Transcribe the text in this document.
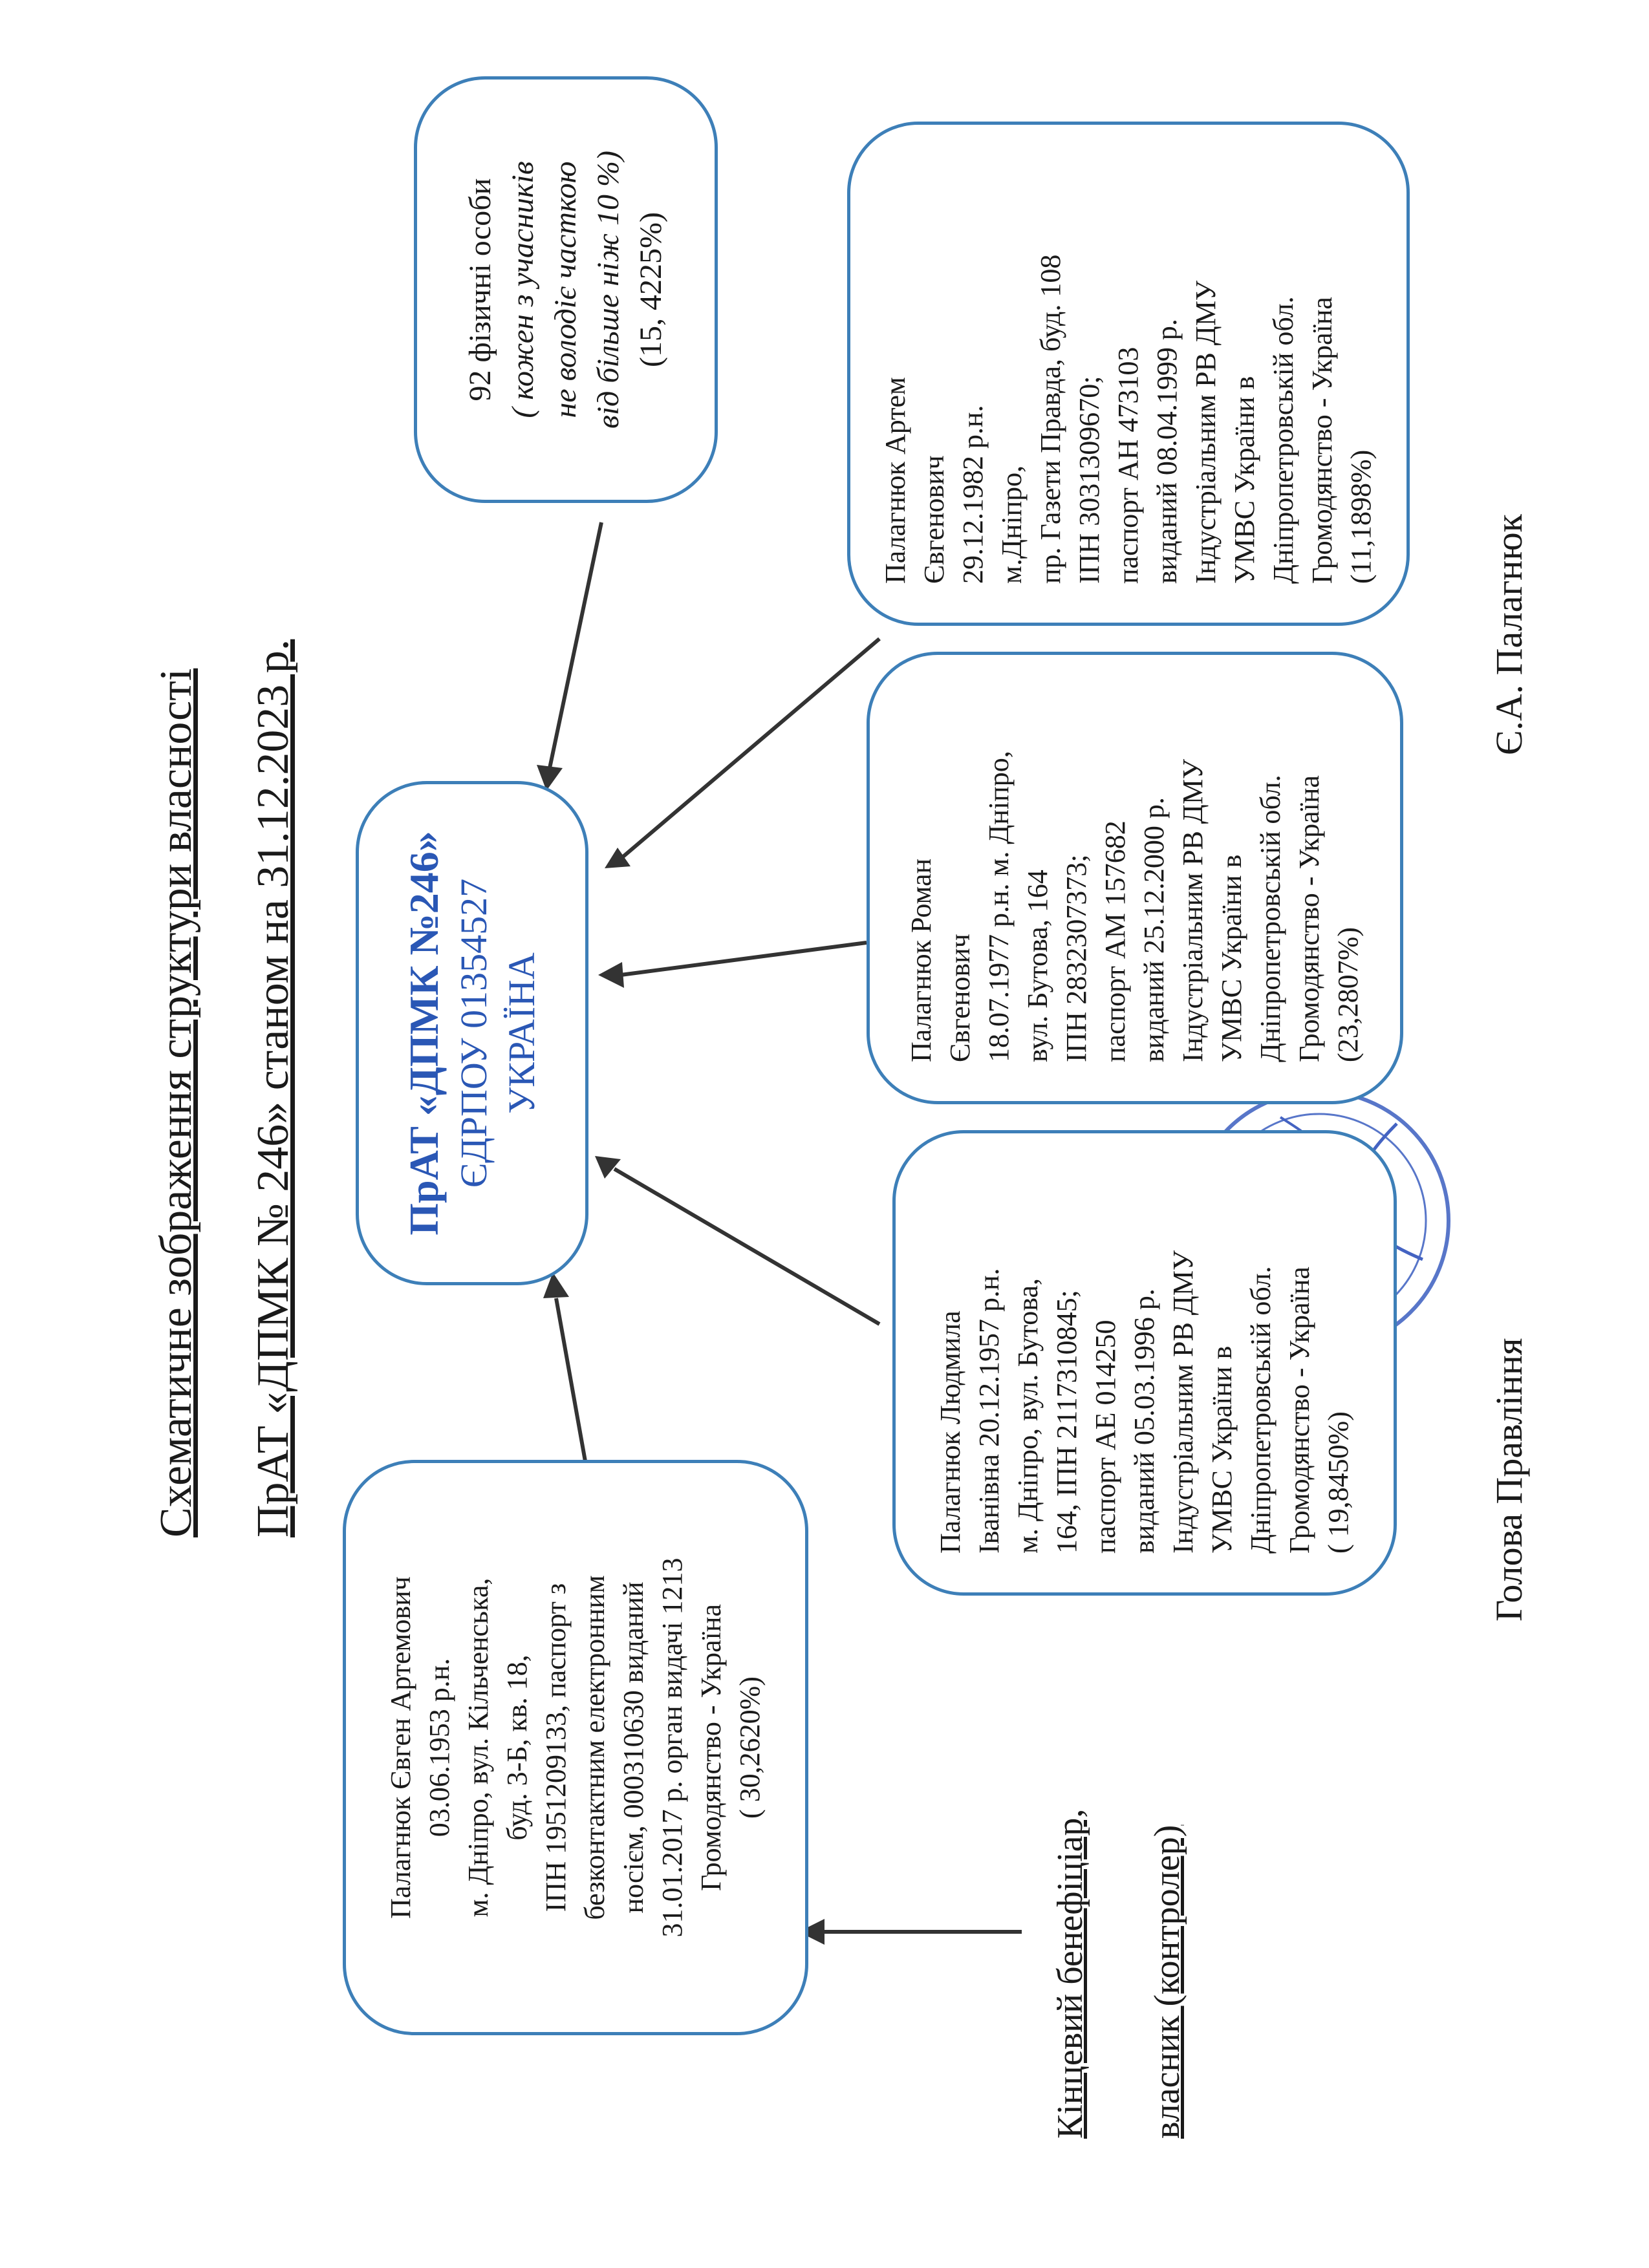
Схематичне зображення структури власності ПрАТ «ДПМК № 246» станом на 31.12.2023 р.
Палагнюк Євген Артемович 03.06.1953 р.н. м. Дніпро, вул. Кільченська, буд. 3-Б, кв. 18, ІПН 1951209133, паспорт з безконтактним електронним носієм, 000310630 виданий 31.01.2017 р. орган видачі 1213 Громодянство - Україна ( 30,2620%)
ПрАТ «ДПМК №246» ЄДРПОУ 01354527 УКРАЇНА
Палагнюк Людмила Іванівна 20.12.1957 р.н. м. Дніпро, вул. Бутова, 164, ІПН 2117310845; паспорт АЕ 014250 виданий 05.03.1996 р. Індустріальним РВ ДМУ УМВС України в Дніпропетровській обл. Громодянство - Україна ( 19,8450%)
Палагнюк Роман Євгенович 18.07.1977 р.н. м. Дніпро, вул. Бутова, 164 ІПН 2832307373; паспорт АМ 157682 виданий 25.12.2000 р. Індустріальним РВ ДМУ УМВС України в Дніпропетровській обл. Громодянство - Україна (23,2807%)
Палагнюк Артем Євгенович 29.12.1982 р.н. м.Дніпро, пр. Газети Правда, буд. 108 ІПН 3031309670; паспорт АН 473103 виданий 08.04.1999 р. Індустріальним РВ ДМУ УМВС України в Дніпропетровській обл. Громодянство - Україна (11,1898%)
92 фізичні особи ( кожен з учасників не володіє часткою від більше ніж 10 %) (15, 4225%)
Кінцевий бенефіціар,	власник (контролер)
Голова Правління
Є.А. Палагнюк
